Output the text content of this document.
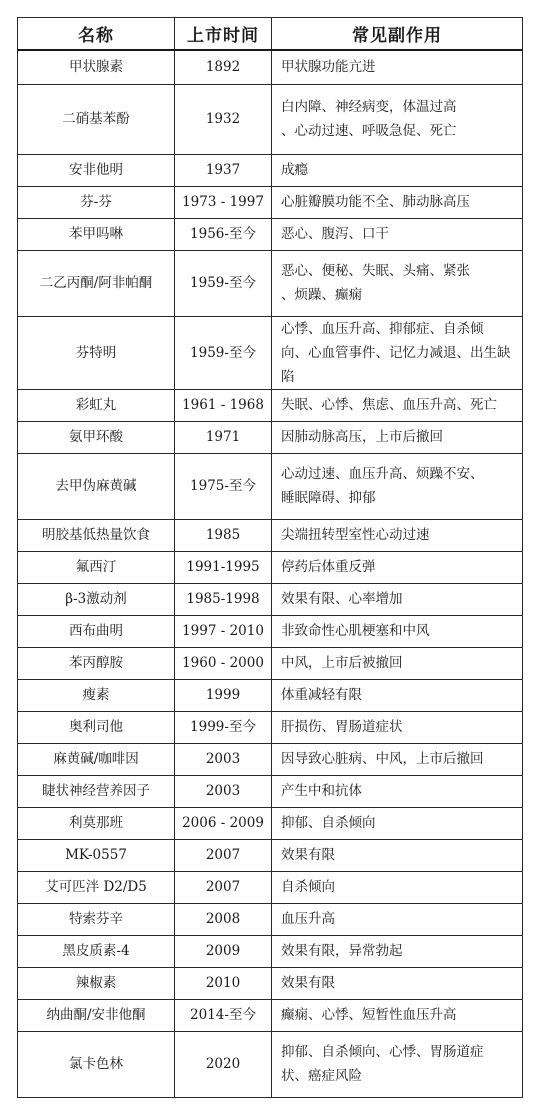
名称	上市时间	常见副作用
甲状腺素	1892	甲状腺功能亢进
二硝基苯酚	1932	白内障、神经病变，体温过高
、心动过速、呼吸急促、死亡

安非他明	1937	成瘾
芬-芬	1973 - 1997	心脏瓣膜功能不全、肺动脉高压
苯甲吗啉	1956-至今	恶心、腹泻、口干
二乙丙酮/阿非帕酮	1959-至今	恶心、便秘、失眠、头痛、紧张
、烦躁、癫痫

芬特明	1959-至今	心悸、血压升高、抑郁症、自杀倾
向、心血管事件、记忆力减退、出生缺陷

彩虹丸	1961 - 1968	失眠、心悸、焦虑、血压升高、死亡
氨甲环酸	1971	因肺动脉高压，上市后撤回
去甲伪麻黄碱	1975-至今	心动过速、血压升高、烦躁不安、
睡眠障碍、抑郁

明胶基低热量饮食	1985	尖端扭转型室性心动过速
氟西汀	1991-1995	停药后体重反弹
β-3激动剂	1985-1998	效果有限、心率增加
西布曲明	1997 - 2010	非致命性心肌梗塞和中风
苯丙醇胺	1960 - 2000	中风，上市后被撤回
瘦素	1999	体重减轻有限
奥利司他	1999-至今	肝损伤、胃肠道症状
麻黄碱/咖啡因	2003	因导致心脏病、中风，上市后撤回
睫状神经营养因子	2003	产生中和抗体
利莫那班	2006 - 2009	抑郁、自杀倾向
MK-0557	2007	效果有限
艾可匹泮 D2/D5	2007	自杀倾向
特索芬辛	2008	血压升高
黑皮质素-4	2009	效果有限，异常勃起
辣椒素	2010	效果有限
纳曲酮/安非他酮	2014-至今	癫痫、心悸、短暂性血压升高
氯卡色林	2020	抑郁、自杀倾向、心悸、胃肠道症
状、癌症风险
